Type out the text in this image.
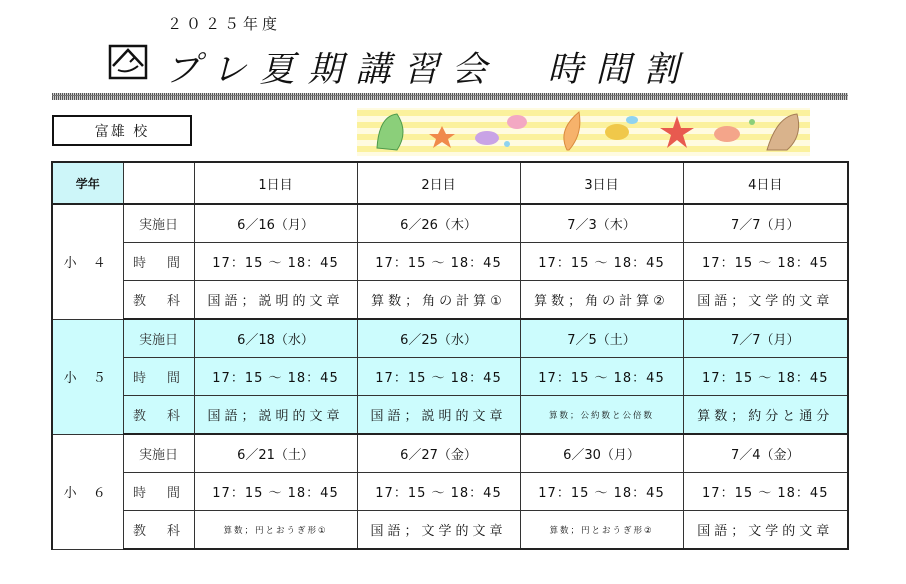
２０２５年度
プレ夏期講習会　時間割
富雄 校
学年		1日目	2日目	3日目	4日目
小 ４	実施日	6／16（月）	6／26（木）	7／3（木）	7／7（月）
	時　間	17：15 ～ 18：45	17：15 ～ 18：45	17：15 ～ 18：45	17：15 ～ 18：45
	教　科	国語；説明的文章	算数；角の計算①	算数；角の計算②	国語；文学的文章
小 ５	実施日	6／18（水）	6／25（水）	7／5（土）	7／7（月）
	時　間	17：15 ～ 18：45	17：15 ～ 18：45	17：15 ～ 18：45	17：15 ～ 18：45
	教　科	国語；説明的文章	国語；説明的文章	算数；公約数と公倍数	算数；約分と通分
小 ６	実施日	6／21（土）	6／27（金）	6／30（月）	7／4（金）
	時　間	17：15 ～ 18：45	17：15 ～ 18：45	17：15 ～ 18：45	17：15 ～ 18：45
	教　科	算数；円とおうぎ形①	国語；文学的文章	算数；円とおうぎ形②	国語；文学的文章
